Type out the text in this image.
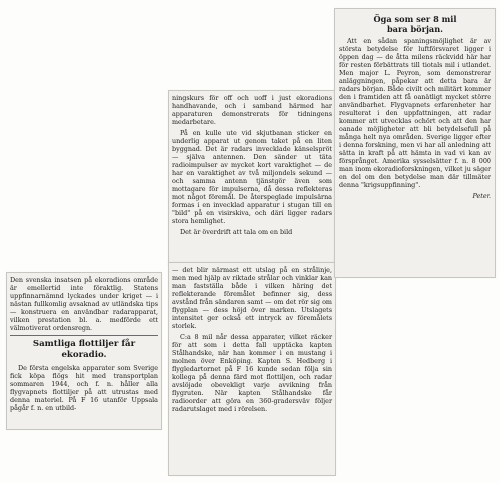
Den svenska insatsen på ekoradions område är emellertid inte föraktlig. Statens uppfinnarnämnd lyckades under kriget — i nästan fullkomlig avsaknad av utländska tips — konstruera en användbar radarapparat, vilken prestation bl. a. medförde ett välmotiverat ordensregn.

Samtliga flottiljer får ekoradio.

De första engelska apparater som Sverige fick köpa flögs hit med transportplan sommaren 1944, och f. n. håller alla flygvapnets flottiljer på att utrustas med denna materiel. På F 16 utanför Uppsala pågår f. n. en utbild-

ningskurs för off och uoff i just ekoradions handhavande, och i samband härmed har apparaturen demonstrerats för tidningens medarbetare.

På en kulle ute vid skjutbanan sticker en underlig apparat ut genom taket på en liten byggnad. Det är radars invecklade känselspröt — själva antennen. Den sänder ut täta radioimpulser av mycket kort varaktighet — de har en varaktighet av två miljondels sekund — och samma antenn tjänstgör även som mottagare för impulserna, då dessa reflekteras mot något föremål. De återspeglade impulsärna formas i en invecklad apparatur i stugan till en "bild" på en visirskiva, och däri ligger radars stora hemlighet.

Det är överdrift att tala om en bild

— det blir närmast ett utslag på en strålinje, men med hjälp av riktade strålar och vinklar kan man fastställa både i vilken häring det reflekterande föremålet befinner sig, dess avstånd från sändaren samt — om det rör sig om flygplan — dess höjd över marken. Utslagets intensitet ger också ett intryck av föremålets storlek.

C:a 8 mil når dessa apparater, vilket räcker för att som i detta fall upptäcka kapten Stålhandske, när han kommer i en mustang i molnen över Enköping. Kapten S. Hedberg i flygledartornet på F 16 kunde sedan följa sin kollega på denna färd mot flottiljen, och radar avslöjade obevekligt varje avvikning från flygruten. När kapten Stålhandske får radioorder att göra en 360-gradersväv följer radarutslaget med i rörelsen.

Öga som ser 8 mil
bara början.

Att en sådan spaningsmöjlighet är av största betydelse för luftförsvaret ligger i öppen dag — de åtta milens räckvidd här har för resten förbättrats till tiotals mil i utlandet. Men major L. Peyron, som demonstrerar anläggningen, påpekar att detta bara är radars början. Både civilt och militärt kommer den i framtiden att få oanätligt mycket större användbarhet. Flygvapnets erfarenheter har resulterat i den uppfattningen, att radar kommer att utvecklas ochört och att den har oanade möjligheter att bli betydelsefull på många helt nya områden. Sverige ligger efter i denna forskning, men vi har all anledning att sätta in kraft på att hämta in vad vi kan av försprånget. Amerika sysselsätter f. n. 8 000 man inom ekoradioforskningen, vilket ju säger en del om den betydelse man där tillmäter denna "krigsuppfinning".

Peter.
